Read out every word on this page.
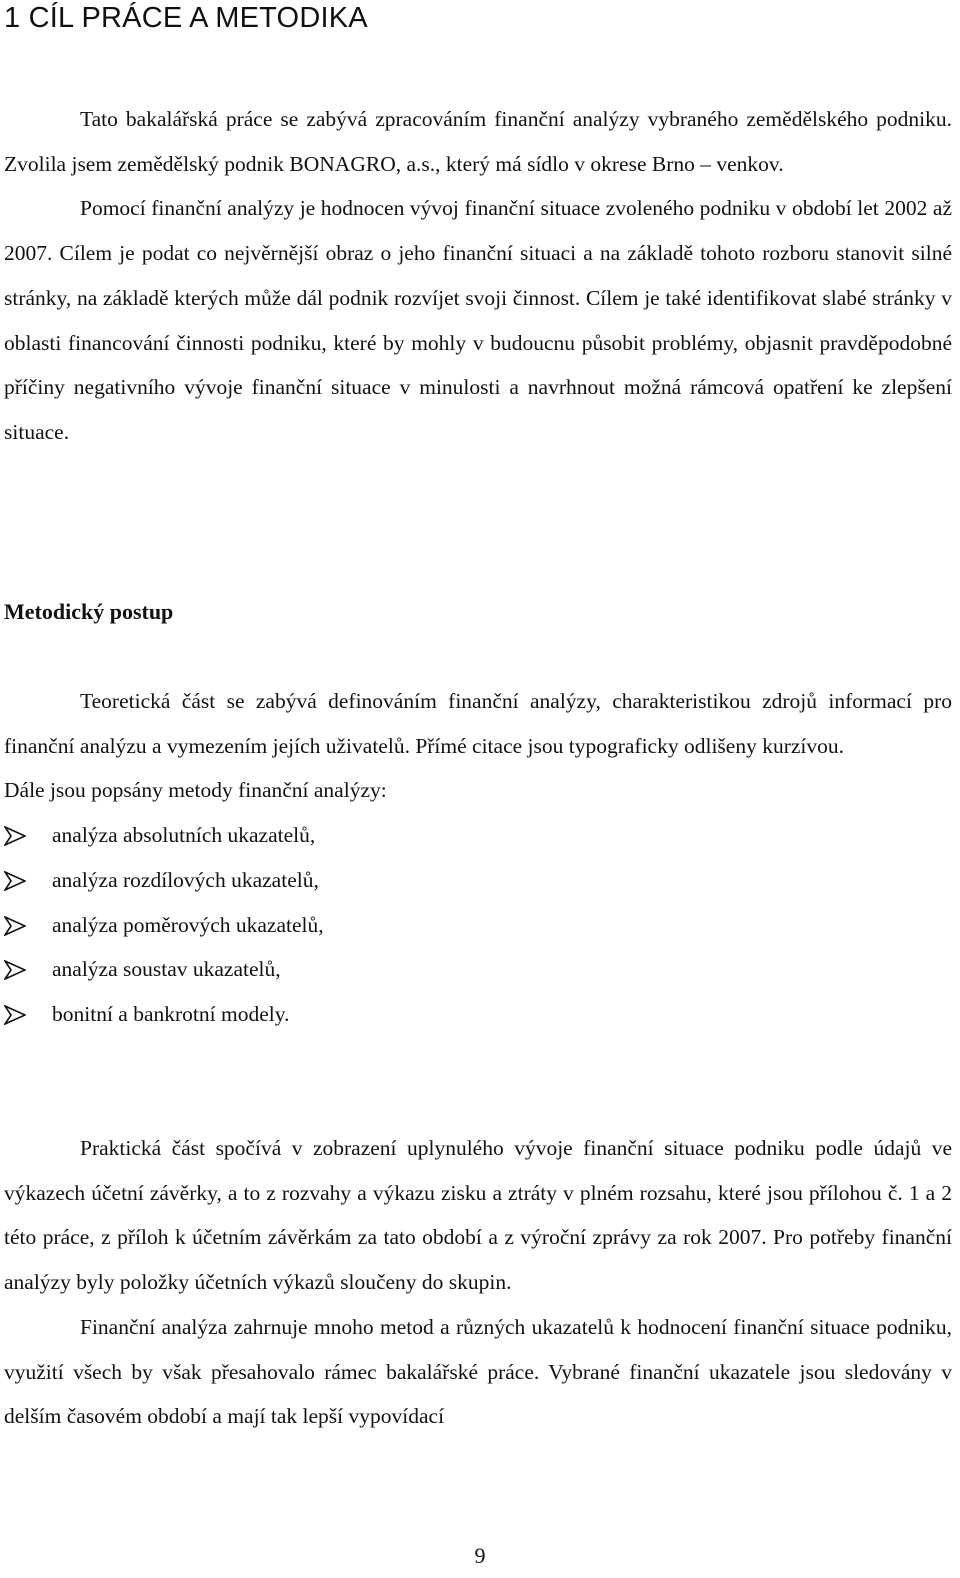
1 CÍL PRÁCE A METODIKA

Tato bakalářská práce se zabývá zpracováním finanční analýzy vybraného zemědělského podniku. Zvolila jsem zemědělský podnik BONAGRO, a.s., který má sídlo v okrese Brno – venkov.

Pomocí finanční analýzy je hodnocen vývoj finanční situace zvoleného podniku v období let 2002 až 2007. Cílem je podat co nejvěrnější obraz o jeho finanční situaci a na základě tohoto rozboru stanovit silné stránky, na základě kterých může dál podnik rozvíjet svoji činnost. Cílem je také identifikovat slabé stránky v oblasti financování činnosti podniku, které by mohly v budoucnu působit problémy, objasnit pravděpodobné příčiny negativního vývoje finanční situace v minulosti a navrhnout možná rámcová opatření ke zlepšení situace.

Metodický postup

Teoretická část se zabývá definováním finanční analýzy, charakteristikou zdrojů informací pro finanční analýzu a vymezením jejích uživatelů. Přímé citace jsou typograficky odlišeny kurzívou.

Dále jsou popsány metody finanční analýzy:

analýza absolutních ukazatelů,
analýza rozdílových ukazatelů,
analýza poměrových ukazatelů,
analýza soustav ukazatelů,
bonitní a bankrotní modely.

Praktická část spočívá v zobrazení uplynulého vývoje finanční situace podniku podle údajů ve výkazech účetní závěrky, a to z rozvahy a výkazu zisku a ztráty v plném rozsahu, které jsou přílohou č. 1 a 2 této práce, z příloh k účetním závěrkám za tato období a z výroční zprávy za rok 2007. Pro potřeby finanční analýzy byly položky účetních výkazů sloučeny do skupin.

Finanční analýza zahrnuje mnoho metod a různých ukazatelů k hodnocení finanční situace podniku, využití všech by však přesahovalo rámec bakalářské práce. Vybrané finanční ukazatele jsou sledovány v delším časovém období a mají tak lepší vypovídací

9
